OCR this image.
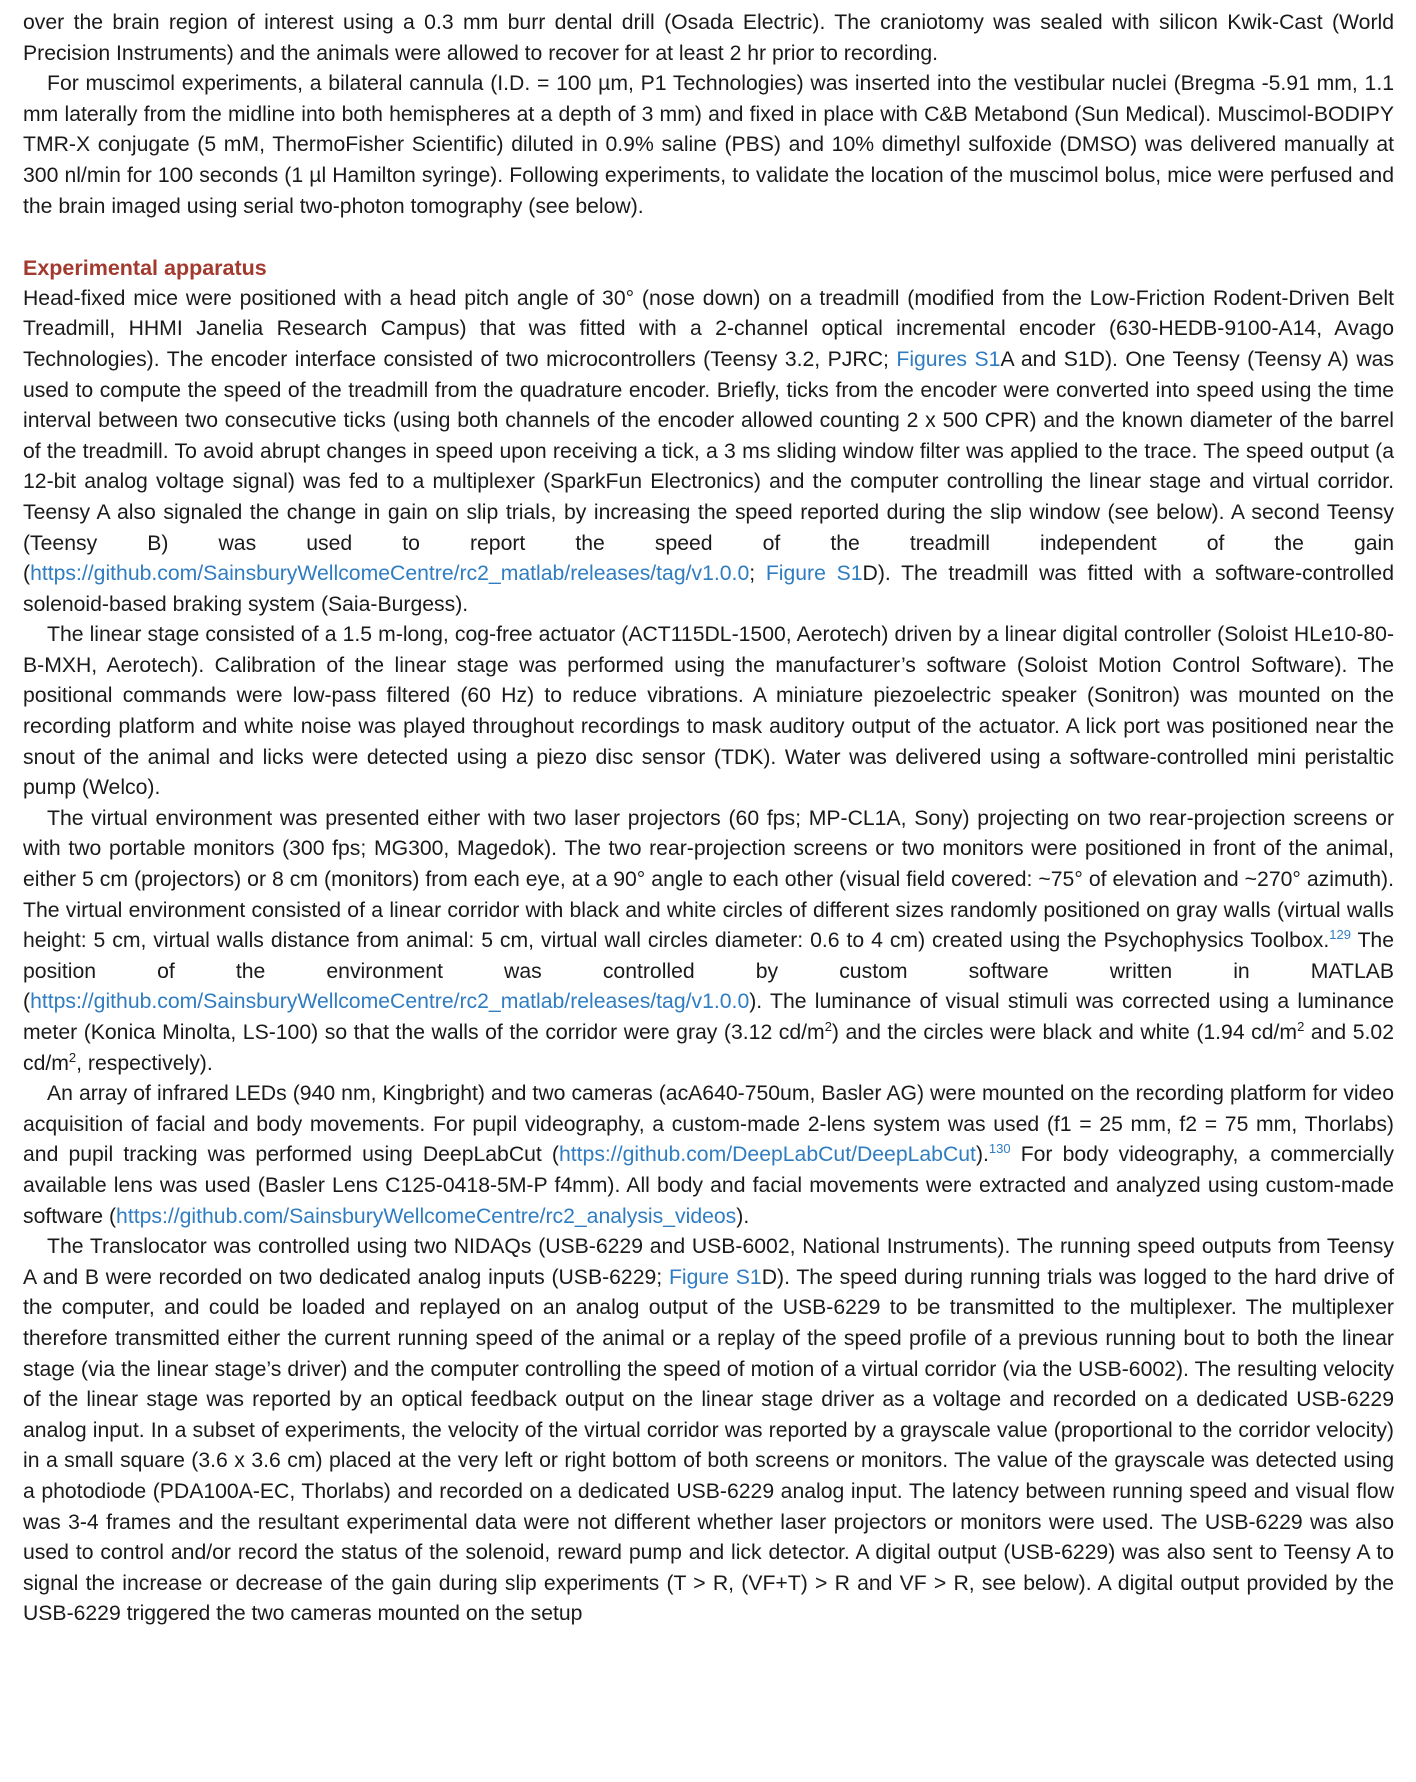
over the brain region of interest using a 0.3 mm burr dental drill (Osada Electric). The craniotomy was sealed with silicon Kwik-Cast (World Precision Instruments) and the animals were allowed to recover for at least 2 hr prior to recording.

For muscimol experiments, a bilateral cannula (I.D. = 100 µm, P1 Technologies) was inserted into the vestibular nuclei (Bregma -5.91 mm, 1.1 mm laterally from the midline into both hemispheres at a depth of 3 mm) and fixed in place with C&B Metabond (Sun Medical). Muscimol-BODIPY TMR-X conjugate (5 mM, ThermoFisher Scientific) diluted in 0.9% saline (PBS) and 10% dimethyl sulfoxide (DMSO) was delivered manually at 300 nl/min for 100 seconds (1 µl Hamilton syringe). Following experiments, to validate the location of the muscimol bolus, mice were perfused and the brain imaged using serial two-photon tomography (see below).

Experimental apparatus

Head-fixed mice were positioned with a head pitch angle of 30° (nose down) on a treadmill (modified from the Low-Friction Rodent-Driven Belt Treadmill, HHMI Janelia Research Campus) that was fitted with a 2-channel optical incremental encoder (630-HEDB-9100-A14, Avago Technologies). The encoder interface consisted of two microcontrollers (Teensy 3.2, PJRC; Figures S1A and S1D). One Teensy (Teensy A) was used to compute the speed of the treadmill from the quadrature encoder. Briefly, ticks from the encoder were converted into speed using the time interval between two consecutive ticks (using both channels of the encoder allowed counting 2 x 500 CPR) and the known diameter of the barrel of the treadmill. To avoid abrupt changes in speed upon receiving a tick, a 3 ms sliding window filter was applied to the trace. The speed output (a 12-bit analog voltage signal) was fed to a multiplexer (SparkFun Electronics) and the computer controlling the linear stage and virtual corridor. Teensy A also signaled the change in gain on slip trials, by increasing the speed reported during the slip window (see below). A second Teensy (Teensy B) was used to report the speed of the treadmill independent of the gain (https://github.com/SainsburyWellcomeCentre/rc2_matlab/releases/tag/v1.0.0; Figure S1D). The treadmill was fitted with a software-controlled solenoid-based braking system (Saia-Burgess).

The linear stage consisted of a 1.5 m-long, cog-free actuator (ACT115DL-1500, Aerotech) driven by a linear digital controller (Soloist HLe10-80-B-MXH, Aerotech). Calibration of the linear stage was performed using the manufacturer’s software (Soloist Motion Control Software). The positional commands were low-pass filtered (60 Hz) to reduce vibrations. A miniature piezoelectric speaker (Sonitron) was mounted on the recording platform and white noise was played throughout recordings to mask auditory output of the actuator. A lick port was positioned near the snout of the animal and licks were detected using a piezo disc sensor (TDK). Water was delivered using a software-controlled mini peristaltic pump (Welco).

The virtual environment was presented either with two laser projectors (60 fps; MP-CL1A, Sony) projecting on two rear-projection screens or with two portable monitors (300 fps; MG300, Magedok). The two rear-projection screens or two monitors were positioned in front of the animal, either 5 cm (projectors) or 8 cm (monitors) from each eye, at a 90° angle to each other (visual field covered: ~75° of elevation and ~270° azimuth). The virtual environment consisted of a linear corridor with black and white circles of different sizes randomly positioned on gray walls (virtual walls height: 5 cm, virtual walls distance from animal: 5 cm, virtual wall circles diameter: 0.6 to 4 cm) created using the Psychophysics Toolbox.$^{129}$ The position of the environment was controlled by custom software written in MATLAB (https://github.com/SainsburyWellcomeCentre/rc2_matlab/releases/tag/v1.0.0). The luminance of visual stimuli was corrected using a luminance meter (Konica Minolta, LS-100) so that the walls of the corridor were gray (3.12 $cd/m^2$) and the circles were black and white (1.94 $cd/m^2$ and 5.02 $cd/m^2$, respectively).

An array of infrared LEDs (940 nm, Kingbright) and two cameras (acA640-750um, Basler AG) were mounted on the recording platform for video acquisition of facial and body movements. For pupil videography, a custom-made 2-lens system was used (f1 = 25 mm, f2 = 75 mm, Thorlabs) and pupil tracking was performed using DeepLabCut (https://github.com/DeepLabCut/DeepLabCut).$^{130}$ For body videography, a commercially available lens was used (Basler Lens C125-0418-5M-P f4mm). All body and facial movements were extracted and analyzed using custom-made software (https://github.com/SainsburyWellcomeCentre/rc2_analysis_videos).

The Translocator was controlled using two NIDAQs (USB-6229 and USB-6002, National Instruments). The running speed outputs from Teensy A and B were recorded on two dedicated analog inputs (USB-6229; Figure S1D). The speed during running trials was logged to the hard drive of the computer, and could be loaded and replayed on an analog output of the USB-6229 to be transmitted to the multiplexer. The multiplexer therefore transmitted either the current running speed of the animal or a replay of the speed profile of a previous running bout to both the linear stage (via the linear stage’s driver) and the computer controlling the speed of motion of a virtual corridor (via the USB-6002). The resulting velocity of the linear stage was reported by an optical feedback output on the linear stage driver as a voltage and recorded on a dedicated USB-6229 analog input. In a subset of experiments, the velocity of the virtual corridor was reported by a grayscale value (proportional to the corridor velocity) in a small square (3.6 x 3.6 cm) placed at the very left or right bottom of both screens or monitors. The value of the grayscale was detected using a photodiode (PDA100A-EC, Thorlabs) and recorded on a dedicated USB-6229 analog input. The latency between running speed and visual flow was 3-4 frames and the resultant experimental data were not different whether laser projectors or monitors were used. The USB-6229 was also used to control and/or record the status of the solenoid, reward pump and lick detector. A digital output (USB-6229) was also sent to Teensy A to signal the increase or decrease of the gain during slip experiments (T > R, (VF+T) > R and VF > R, see below). A digital output provided by the USB-6229 triggered the two cameras mounted on the setup
